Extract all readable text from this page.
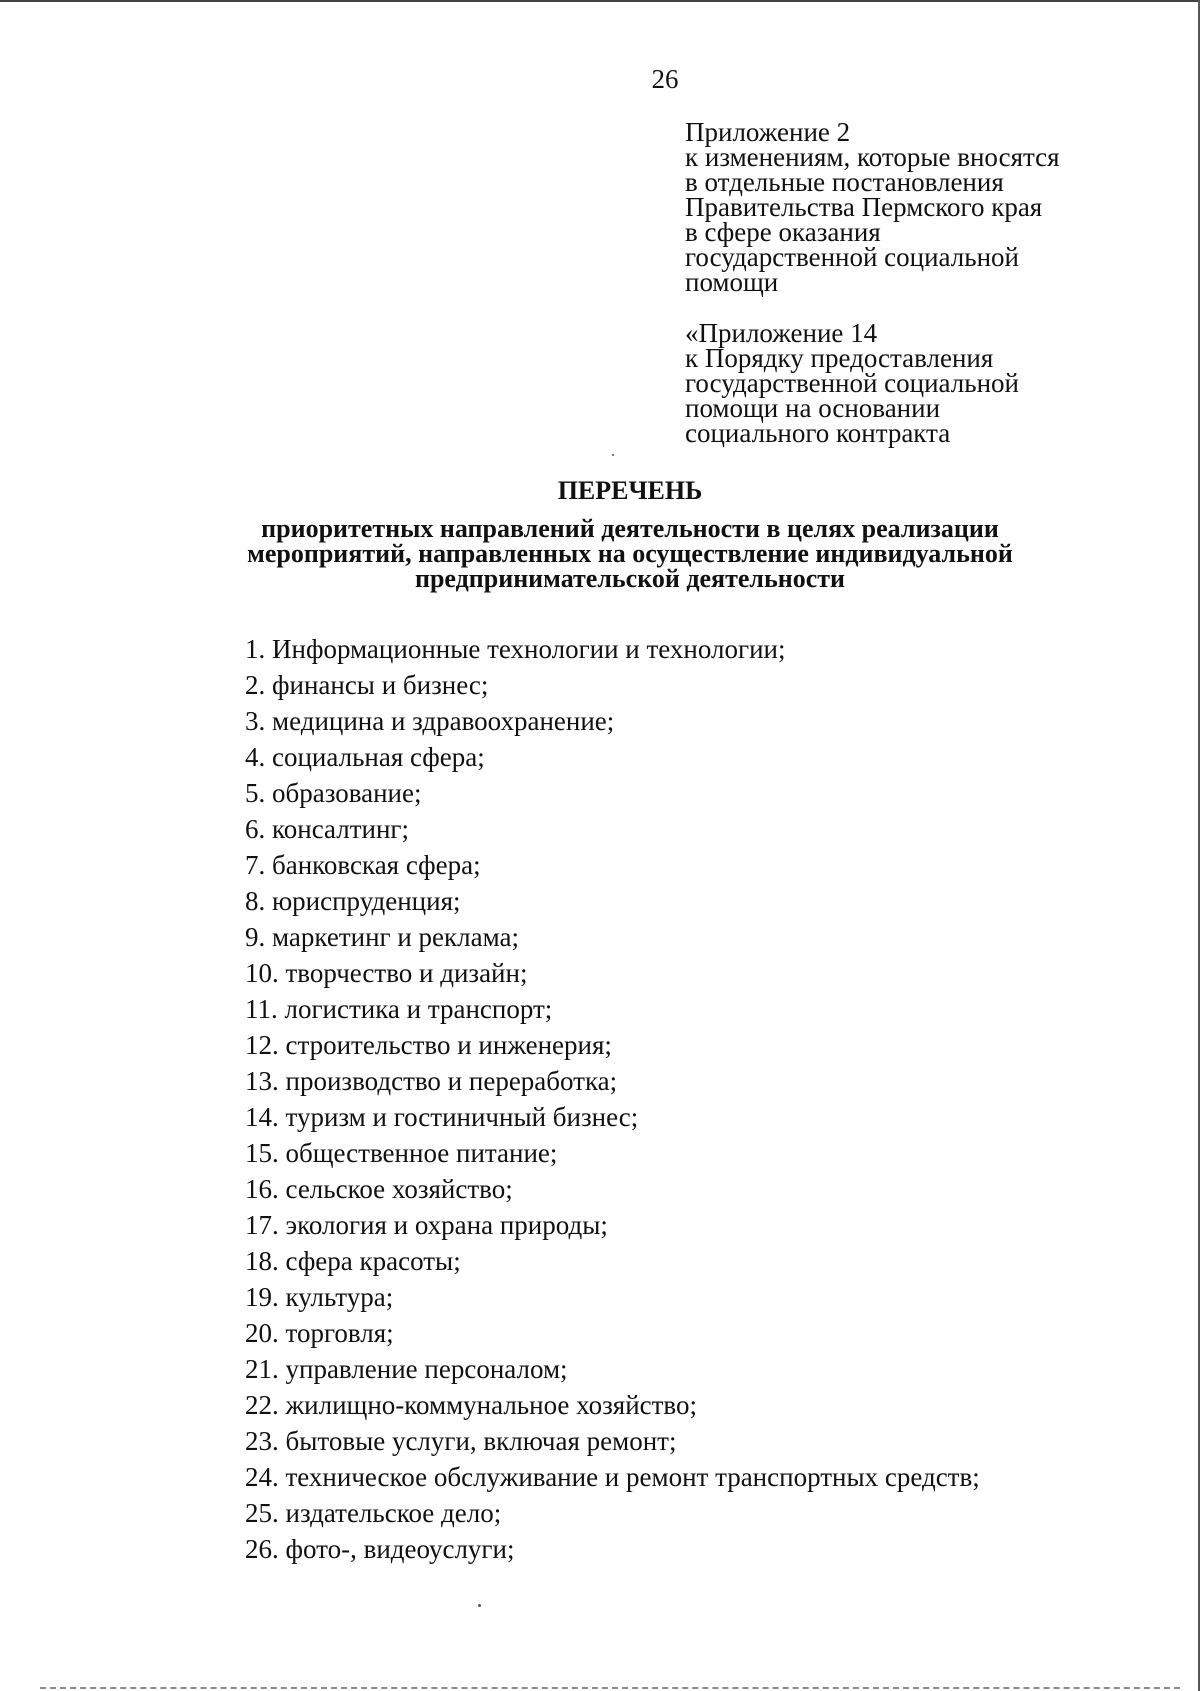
26
Приложение 2
к изменениям, которые вносятся
в отдельные постановления
Правительства Пермского края
в сфере оказания
государственной социальной
помощи
«Приложение 14
к Порядку предоставления
государственной социальной
помощи на основании
социального контракта
ПЕРЕЧЕНЬ
приоритетных направлений деятельности в целях реализации
мероприятий, направленных на осуществление индивидуальной
предпринимательской деятельности
1. Информационные технологии и технологии;
2. финансы и бизнес;
3. медицина и здравоохранение;
4. социальная сфера;
5. образование;
6. консалтинг;
7. банковская сфера;
8. юриспруденция;
9. маркетинг и реклама;
10. творчество и дизайн;
11. логистика и транспорт;
12. строительство и инженерия;
13. производство и переработка;
14. туризм и гостиничный бизнес;
15. общественное питание;
16. сельское хозяйство;
17. экология и охрана природы;
18. сфера красоты;
19. культура;
20. торговля;
21. управление персоналом;
22. жилищно-коммунальное хозяйство;
23. бытовые услуги, включая ремонт;
24. техническое обслуживание и ремонт транспортных средств;
25. издательское дело;
26. фото-, видеоуслуги;
